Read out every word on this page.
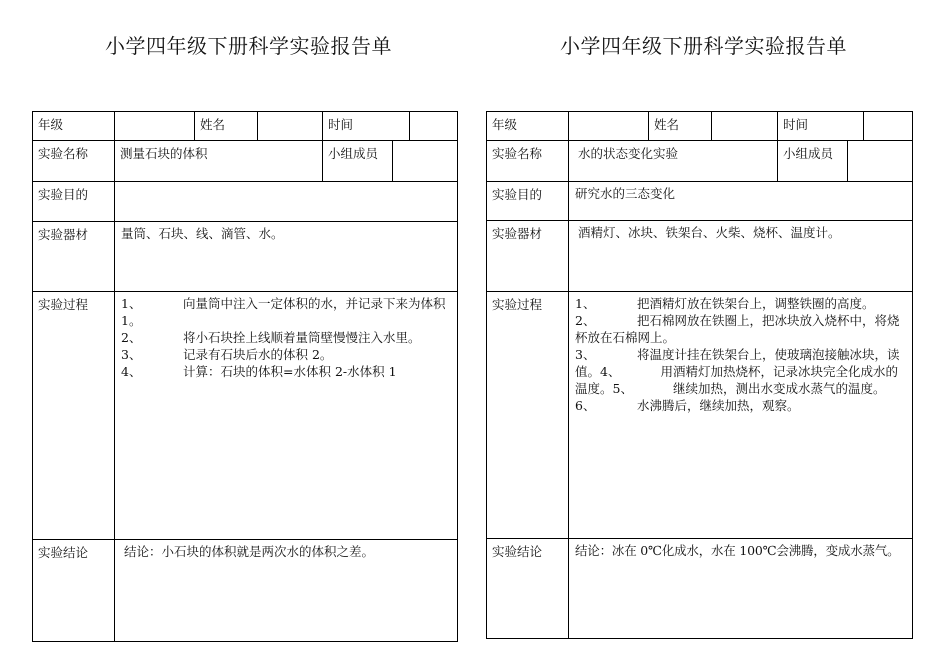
小学四年级下册科学实验报告单	小学四年级下册科学实验报告单
年级	姓名	时间
实验名称	测量石块的体积	小组成员
实验目的
实验器材	量筒、石块、线、滴管、水。
实验过程	1、	向量筒中注入一定体积的水，并记录下来为体积 1。

2、	将小石块拴上线顺着量筒壁慢慢注入水里。

3、	记录有石块后水的体积 2。

4、	计算：石块的体积=水体积 2-水体积 1

实验结论	结论：小石块的体积就是两次水的体积之差。
年级	姓名	时间
实验名称	水的状态变化实验	小组成员
实验目的	研究水的三态变化
实验器材	酒精灯、冰块、铁架台、火柴、烧杯、温度计。
实验过程	1、	把酒精灯放在铁架台上，调整铁圈的高度。

2、	把石棉网放在铁圈上，把冰块放入烧杯中，将烧杯放在石棉网上。

3、	将温度计挂在铁架台上，使玻璃泡接触冰块，读值。4、	用酒精灯加热烧杯，记录冰块完全化成水的温度。5、	继续加热，测出水变成水蒸气的温度。

6、	水沸腾后，继续加热，观察。

实验结论	结论：冰在 0℃化成水，水在 100℃会沸腾，变成水蒸气。
